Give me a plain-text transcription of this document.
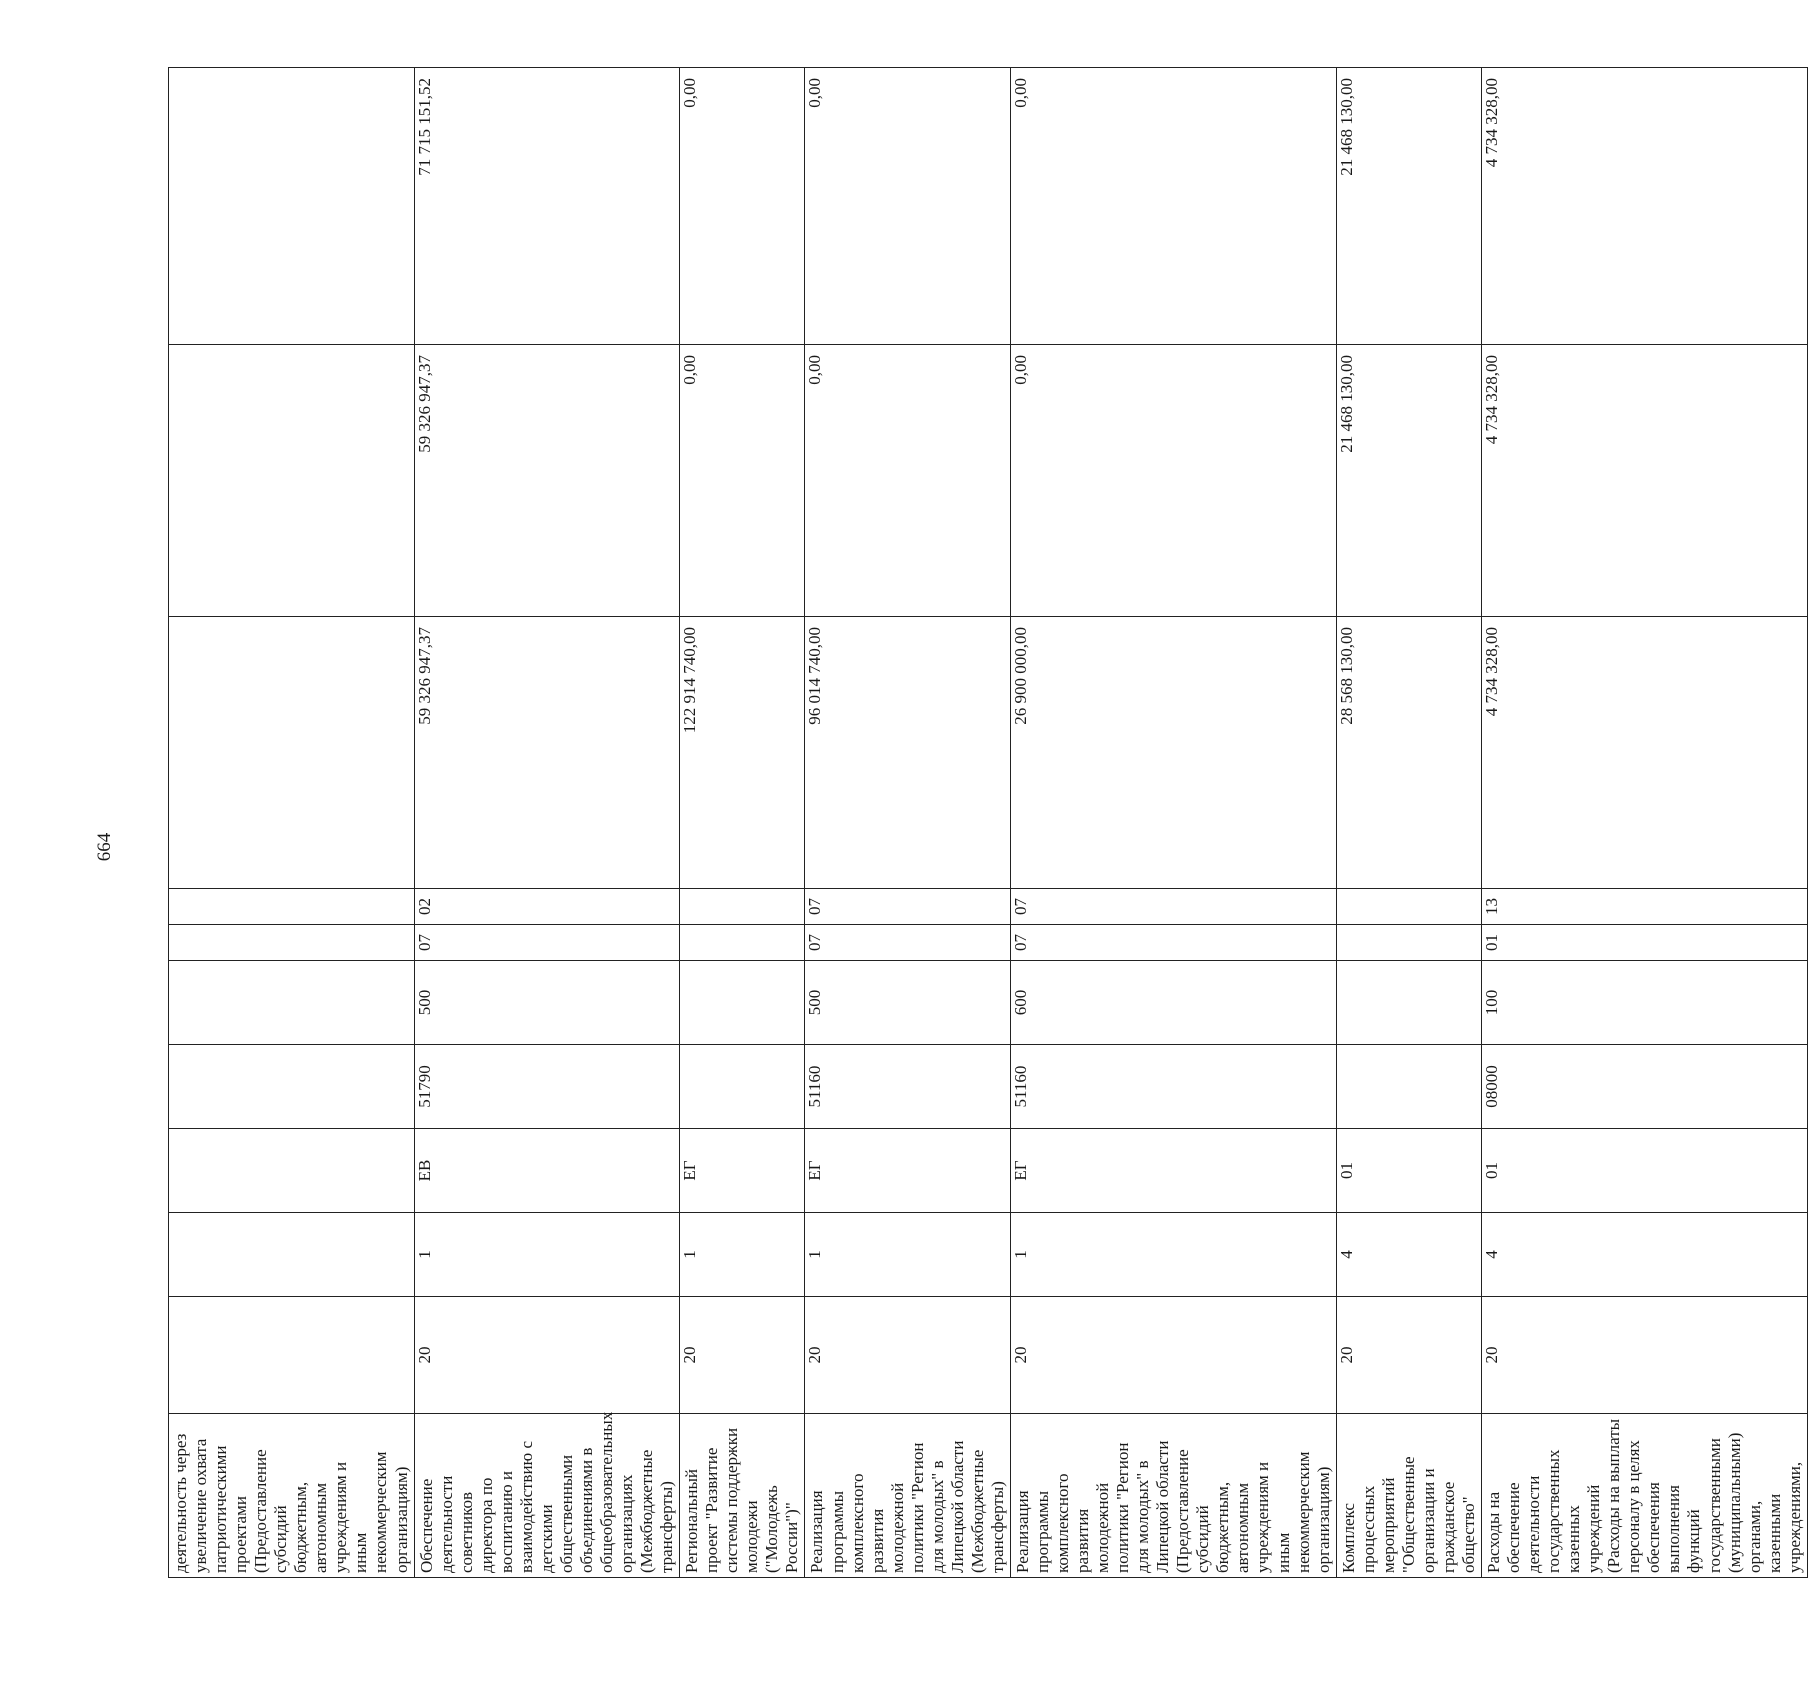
664
деятельность через увеличение охвата патриотическими проектами (Предоставление субсидий бюджетным, автономным учреждениям и иным некоммерческим организациям)										
Обеспечение деятельности советников директора по воспитанию и взаимодействию с детскими общественными объединениями в общеобразовательных организациях (Межбюджетные трансферты)	20	1	ЕВ	51790	500	07	02	59 326 947,37	59 326 947,37	71 715 151,52
Региональный проект "Развитие системы поддержки молодежи ("Молодежь России")"	20	1	ЕГ					122 914 740,00	0,00	0,00
Реализация программы комплексного развития молодежной политики "Регион для молодых" в Липецкой области (Межбюджетные трансферты)	20	1	ЕГ	51160	500	07	07	96 014 740,00	0,00	0,00
Реализация программы комплексного развития молодежной политики "Регион для молодых" в Липецкой области (Предоставление субсидий бюджетным, автономным учреждениям и иным некоммерческим организациям)	20	1	ЕГ	51160	600	07	07	26 900 000,00	0,00	0,00
Комплекс процессных мероприятий "Общественные организации и гражданское общество"	20	4	01					28 568 130,00	21 468 130,00	21 468 130,00
Расходы на обеспечение деятельности государственных казенных учреждений (Расходы на выплаты персоналу в целях обеспечения выполнения функций государственными (муниципальными) органами, казенными учреждениями,	20	4	01	08000	100	01	13	4 734 328,00	4 734 328,00	4 734 328,00
